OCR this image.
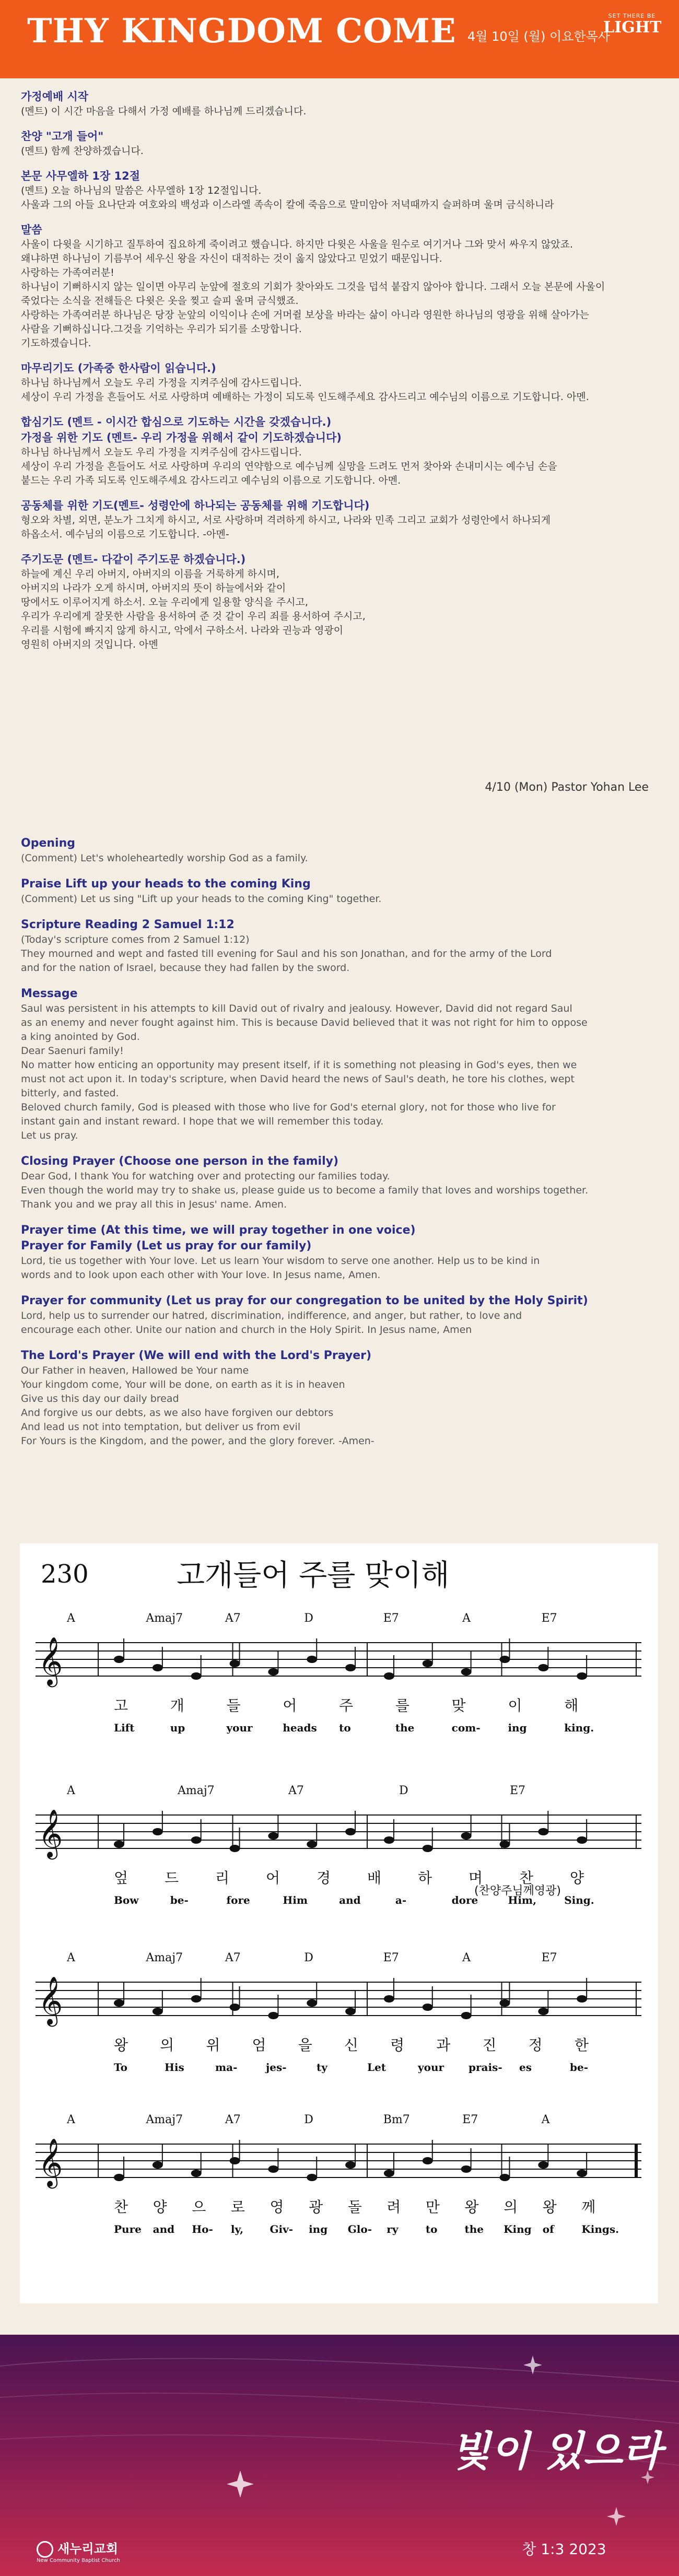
THY KINGDOM COME 4월 10일 (월) 이요한목사
SET THERE BE
LIGHT

가정예배 시작

(멘트) 이 시간 마음을 다해서 가정 예배를 하나님께 드리겠습니다.

찬양 "고개 들어"

(멘트) 함께 찬양하겠습니다.

본문 사무엘하 1장 12절

(멘트) 오늘 하나님의 말씀은 사무엘하 1장 12절입니다.

사울과 그의 아들 요나단과 여호와의 백성과 이스라엘 족속이 칼에 죽음으로 말미암아 저녁때까지 슬퍼하며 울며 금식하니라

말씀

사울이 다윗을 시기하고 질투하여 집요하게 죽이려고 했습니다. 하지만 다윗은 사울을 원수로 여기거나 그와 맞서 싸우지 않았죠.

왜냐하면 하나님이 기름부어 세우신 왕을 자신이 대적하는 것이 옳지 않았다고 믿었기 때문입니다.

사랑하는 가족여러분!

하나님이 기뻐하시지 않는 일이면 아무리 눈앞에 절호의 기회가 찾아와도 그것을 덥석 붙잡지 않아야 합니다. 그래서 오늘 본문에 사울이

죽었다는 소식을 전해들은 다윗은 옷을 찢고 슬피 울며 금식했죠.

사랑하는 가족여러분 하나님은 당장 눈앞의 이익이나 손에 거머쥘 보상을 바라는 삶이 아니라 영원한 하나님의 영광을 위해 살아가는

사람을 기뻐하십니다.그것을 기억하는 우리가 되기를 소망합니다.

기도하겠습니다.

마무리기도 (가족중 한사람이 읽습니다.)

하나님 하나님께서 오늘도 우리 가정을 지켜주심에 감사드립니다.

세상이 우리 가정을 흔들어도 서로 사랑하며 예배하는 가정이 되도록 인도해주세요 감사드리고 예수님의 이름으로 기도합니다. 아멘.

합심기도 (멘트 - 이시간 합심으로 기도하는 시간을 갖겠습니다.)

가정을 위한 기도 (멘트- 우리 가정을 위해서 같이 기도하겠습니다)

하나님 하나님께서 오늘도 우리 가정을 지켜주심에 감사드립니다.

세상이 우리 가정을 흔들어도 서로 사랑하며 우리의 연약함으로 예수님께 실망을 드려도 먼저 찾아와 손내미시는 예수님 손을

붙드는 우리 가족 되도록 인도해주세요 감사드리고 예수님의 이름으로 기도합니다. 아멘.

공동체를 위한 기도(멘트- 성령안에 하나되는 공동체를 위해 기도합니다)

형오와 차별, 외면, 분노가 그치게 하시고, 서로 사랑하며 격려하게 하시고, 나라와 민족 그리고 교회가 성령안에서 하나되게

하옵소서. 예수님의 이름으로 기도합니다. -아멘-

주기도문 (멘트- 다같이 주기도문 하겠습니다.)

하늘에 계신 우리 아버지, 아버지의 이름을 거룩하게 하시며,

아버지의 나라가 오게 하시며, 아버지의 뜻이 하늘에서와 같이

땅에서도 이루어지게 하소서. 오늘 우리에게 일용할 양식을 주시고,

우리가 우리에게 잘못한 사람을 용서하여 준 것 같이 우리 죄를 용서하여 주시고,

우리를 시험에 빠지지 않게 하시고, 악에서 구하소서. 나라와 권능과 영광이

영원히 아버지의 것입니다. 아멘

4/10 (Mon) Pastor Yohan Lee

Opening

(Comment) Let's wholeheartedly worship God as a family.

Praise Lift up your heads to the coming King

(Comment) Let us sing "Lift up your heads to the coming King" together.

Scripture Reading 2 Samuel 1:12

(Today's scripture comes from 2 Samuel 1:12)

They mourned and wept and fasted till evening for Saul and his son Jonathan, and for the army of the Lord

and for the nation of Israel, because they had fallen by the sword.

Message

Saul was persistent in his attempts to kill David out of rivalry and jealousy. However, David did not regard Saul

as an enemy and never fought against him. This is because David believed that it was not right for him to oppose

a king anointed by God.

Dear Saenuri family!

No matter how enticing an opportunity may present itself, if it is something not pleasing in God's eyes, then we

must not act upon it. In today's scripture, when David heard the news of Saul's death, he tore his clothes, wept

bitterly, and fasted.

Beloved church family, God is pleased with those who live for God's eternal glory, not for those who live for

instant gain and instant reward. I hope that we will remember this today.

Let us pray.

Closing Prayer (Choose one person in the family)

Dear God, I thank You for watching over and protecting our families today.

Even though the world may try to shake us, please guide us to become a family that loves and worships together.

Thank you and we pray all this in Jesus' name. Amen.

Prayer time (At this time, we will pray together in one voice)

Prayer for Family (Let us pray for our family)

Lord, tie us together with Your love. Let us learn Your wisdom to serve one another. Help us to be kind in

words and to look upon each other with Your love. In Jesus name, Amen.

Prayer for community (Let us pray for our congregation to be united by the Holy Spirit)

Lord, help us to surrender our hatred, discrimination, indifference, and anger, but rather, to love and

encourage each other. Unite our nation and church in the Holy Spirit. In Jesus name, Amen

The Lord's Prayer (We will end with the Lord's Prayer)

Our Father in heaven, Hallowed be Your name

Your kingdom come, Your will be done, on earth as it is in heaven

Give us this day our daily bread

And forgive us our debts, as we also have forgiven our debtors

And lead us not into temptation, but deliver us from evil

For Yours is the Kingdom, and the power, and the glory forever. -Amen-

230	고개들어 주를 맞이해
A	Amaj7	A7	D	E7	A	E7
𝄞
고	개	들	어	주	를	맞	이	해
Lift	up	your	heads to	the	com-	ing	king.
A	Amaj7	A7	D	E7
𝄞
엎 드 리 어 경 배 하 며 찬 양
Bow	be-	fore	Him	and	a-	dore	Him,	Sing.
(찬양주님께영광)
A	Amaj7	A7	D	E7	A	E7
𝄞
왕 의 위 엄 을 신 령 과 진 정 한
To	His	ma-	jes-	ty	Let	your prais- es	be-
A	Amaj7	A7	D	Bm7	E7	A
𝄞
찬 양 으 로 영 광 돌 려 만 왕 의 왕 께
Pure and Ho- ly,	Giv- ing Glo- ry	to	the King of	Kings.
빛이 있으라
창 1:3 2023
새누리교회
New Community Baptist Church
